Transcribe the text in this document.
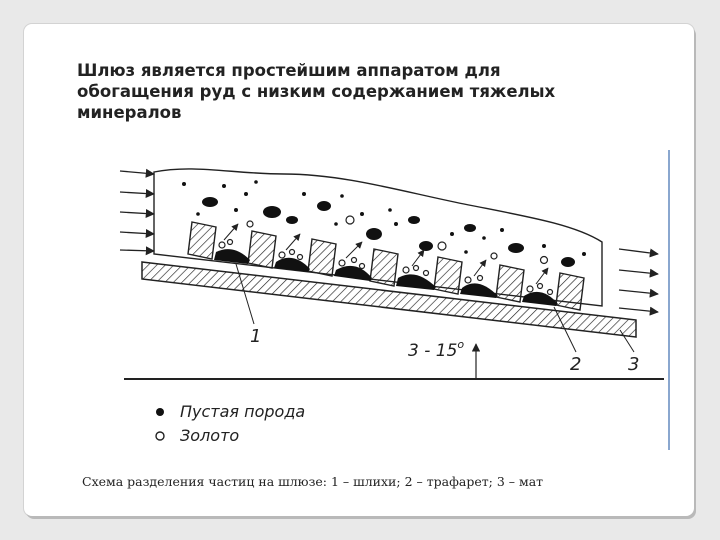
Шлюз является простейшим аппаратом для
обогащения руд с низким содержанием тяжелых
минералов

3 - 15$^o$
1
2	3
Пустая порода
Золото
Схема разделения частиц на шлюзе: 1 – шлихи; 2 – трафарет; 3 – мат
